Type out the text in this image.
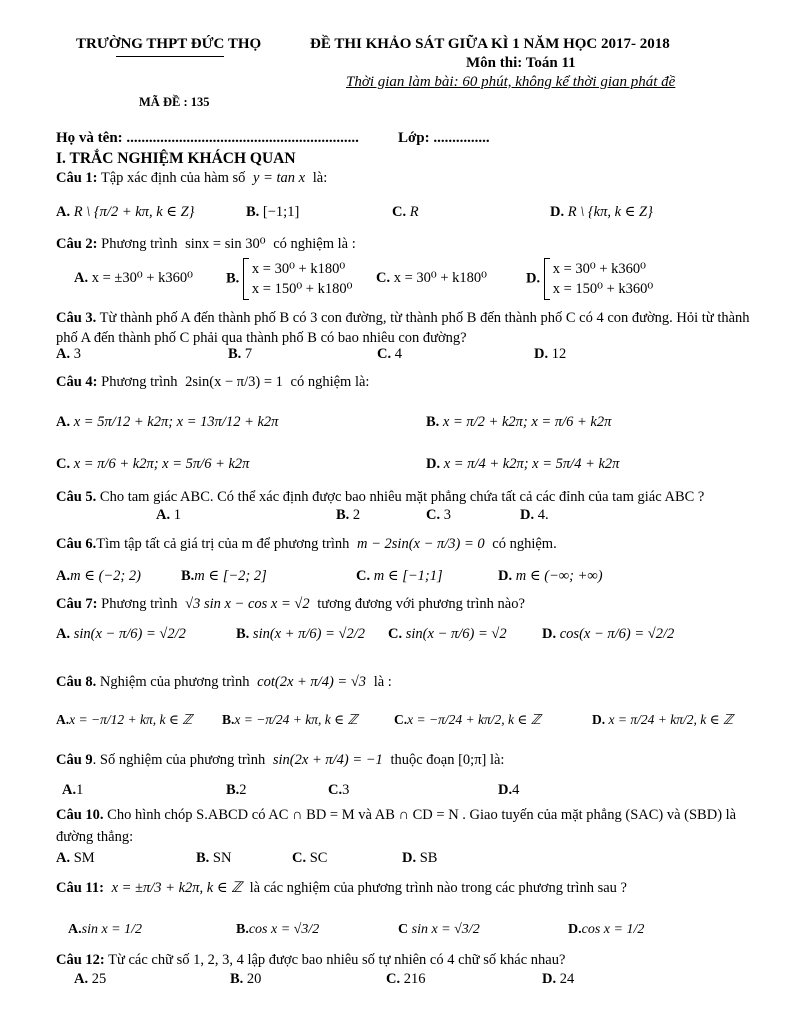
TRƯỜNG THPT ĐỨC THỌ	ĐỀ THI KHẢO SÁT GIỮA KÌ 1 NĂM HỌC 2017- 2018
Môn thi: Toán 11
Thời gian làm bài: 60 phút, không kể thời gian phát đề
MÃ ĐỀ : 135
Họ và tên: ..............................................................	Lớp: ...............
I. TRẮC NGHIỆM KHÁCH QUAN
Câu 1: Tập xác định của hàm số y = tan x là:
A. R \ {π/2 + kπ, k ∈ Z}	B. [−1;1]	C. R	D. R \ {kπ, k ∈ Z}
Câu 2: Phương trình sinx = sin 30⁰ có nghiệm là :
A. x = ±30⁰ + k360⁰ B.
x = 30⁰ + k180⁰
x = 150⁰ + k180⁰
C. x = 30⁰ + k180⁰	D.
x = 30⁰ + k360⁰
x = 150⁰ + k360⁰
Câu 3. Từ thành phố A đến thành phố B có 3 con đường, từ thành phố B đến thành phố C có 4 con đường. Hỏi từ thành phố A đến thành phố C phải qua thành phố B có bao nhiêu con đường?
A. 3	B. 7	C. 4	D. 12
Câu 4: Phương trình 2sin(x − π/3) = 1 có nghiệm là:
A. x = 5π/12 + k2π; x = 13π/12 + k2π	B. x = π/2 + k2π; x = π/6 + k2π
C. x = π/6 + k2π; x = 5π/6 + k2π	D. x = π/4 + k2π; x = 5π/4 + k2π
Câu 5. Cho tam giác ABC. Có thể xác định được bao nhiêu mặt phẳng chứa tất cả các đỉnh của tam giác ABC ?
A. 1	B. 2	C. 3	D. 4.
Câu 6.Tìm tập tất cả giá trị của m để phương trình m − 2sin(x − π/3) = 0 có nghiệm.
A.m ∈ (−2; 2)	B.m ∈ [−2; 2]	C. m ∈ [−1;1]	D. m ∈ (−∞; +∞)
Câu 7: Phương trình √3 sin x − cos x = √2 tương đương với phương trình nào?
A. sin(x − π/6) = √2/2	B. sin(x + π/6) = √2/2 C. sin(x − π/6) = √2 D. cos(x − π/6) = √2/2
Câu 8. Nghiệm của phương trình cot(2x + π/4) = √3 là :
A.x = −π/12 + kπ, k ∈ ℤ B.x = −π/24 + kπ, k ∈ ℤ	C.x = −π/24 + kπ/2, k ∈ ℤ	D. x = π/24 + kπ/2, k ∈ ℤ
Câu 9. Số nghiệm của phương trình sin(2x + π/4) = −1 thuộc đoạn [0;π] là:
A.1	B.2	C.3	D.4
Câu 10. Cho hình chóp S.ABCD có AC ∩ BD = M và AB ∩ CD = N . Giao tuyến của mặt phẳng (SAC) và (SBD) là đường thẳng:
A. SM	B. SN	C. SC	D. SB
Câu 11: x = ±π/3 + k2π, k ∈ ℤ là các nghiệm của phương trình nào trong các phương trình sau ?
A.sin x = 1/2	B.cos x = √3/2	C sin x = √3/2	D.cos x = 1/2
Câu 12: Từ các chữ số 1, 2, 3, 4 lập được bao nhiêu số tự nhiên có 4 chữ số khác nhau?
A. 25	B. 20	C. 216	D. 24
